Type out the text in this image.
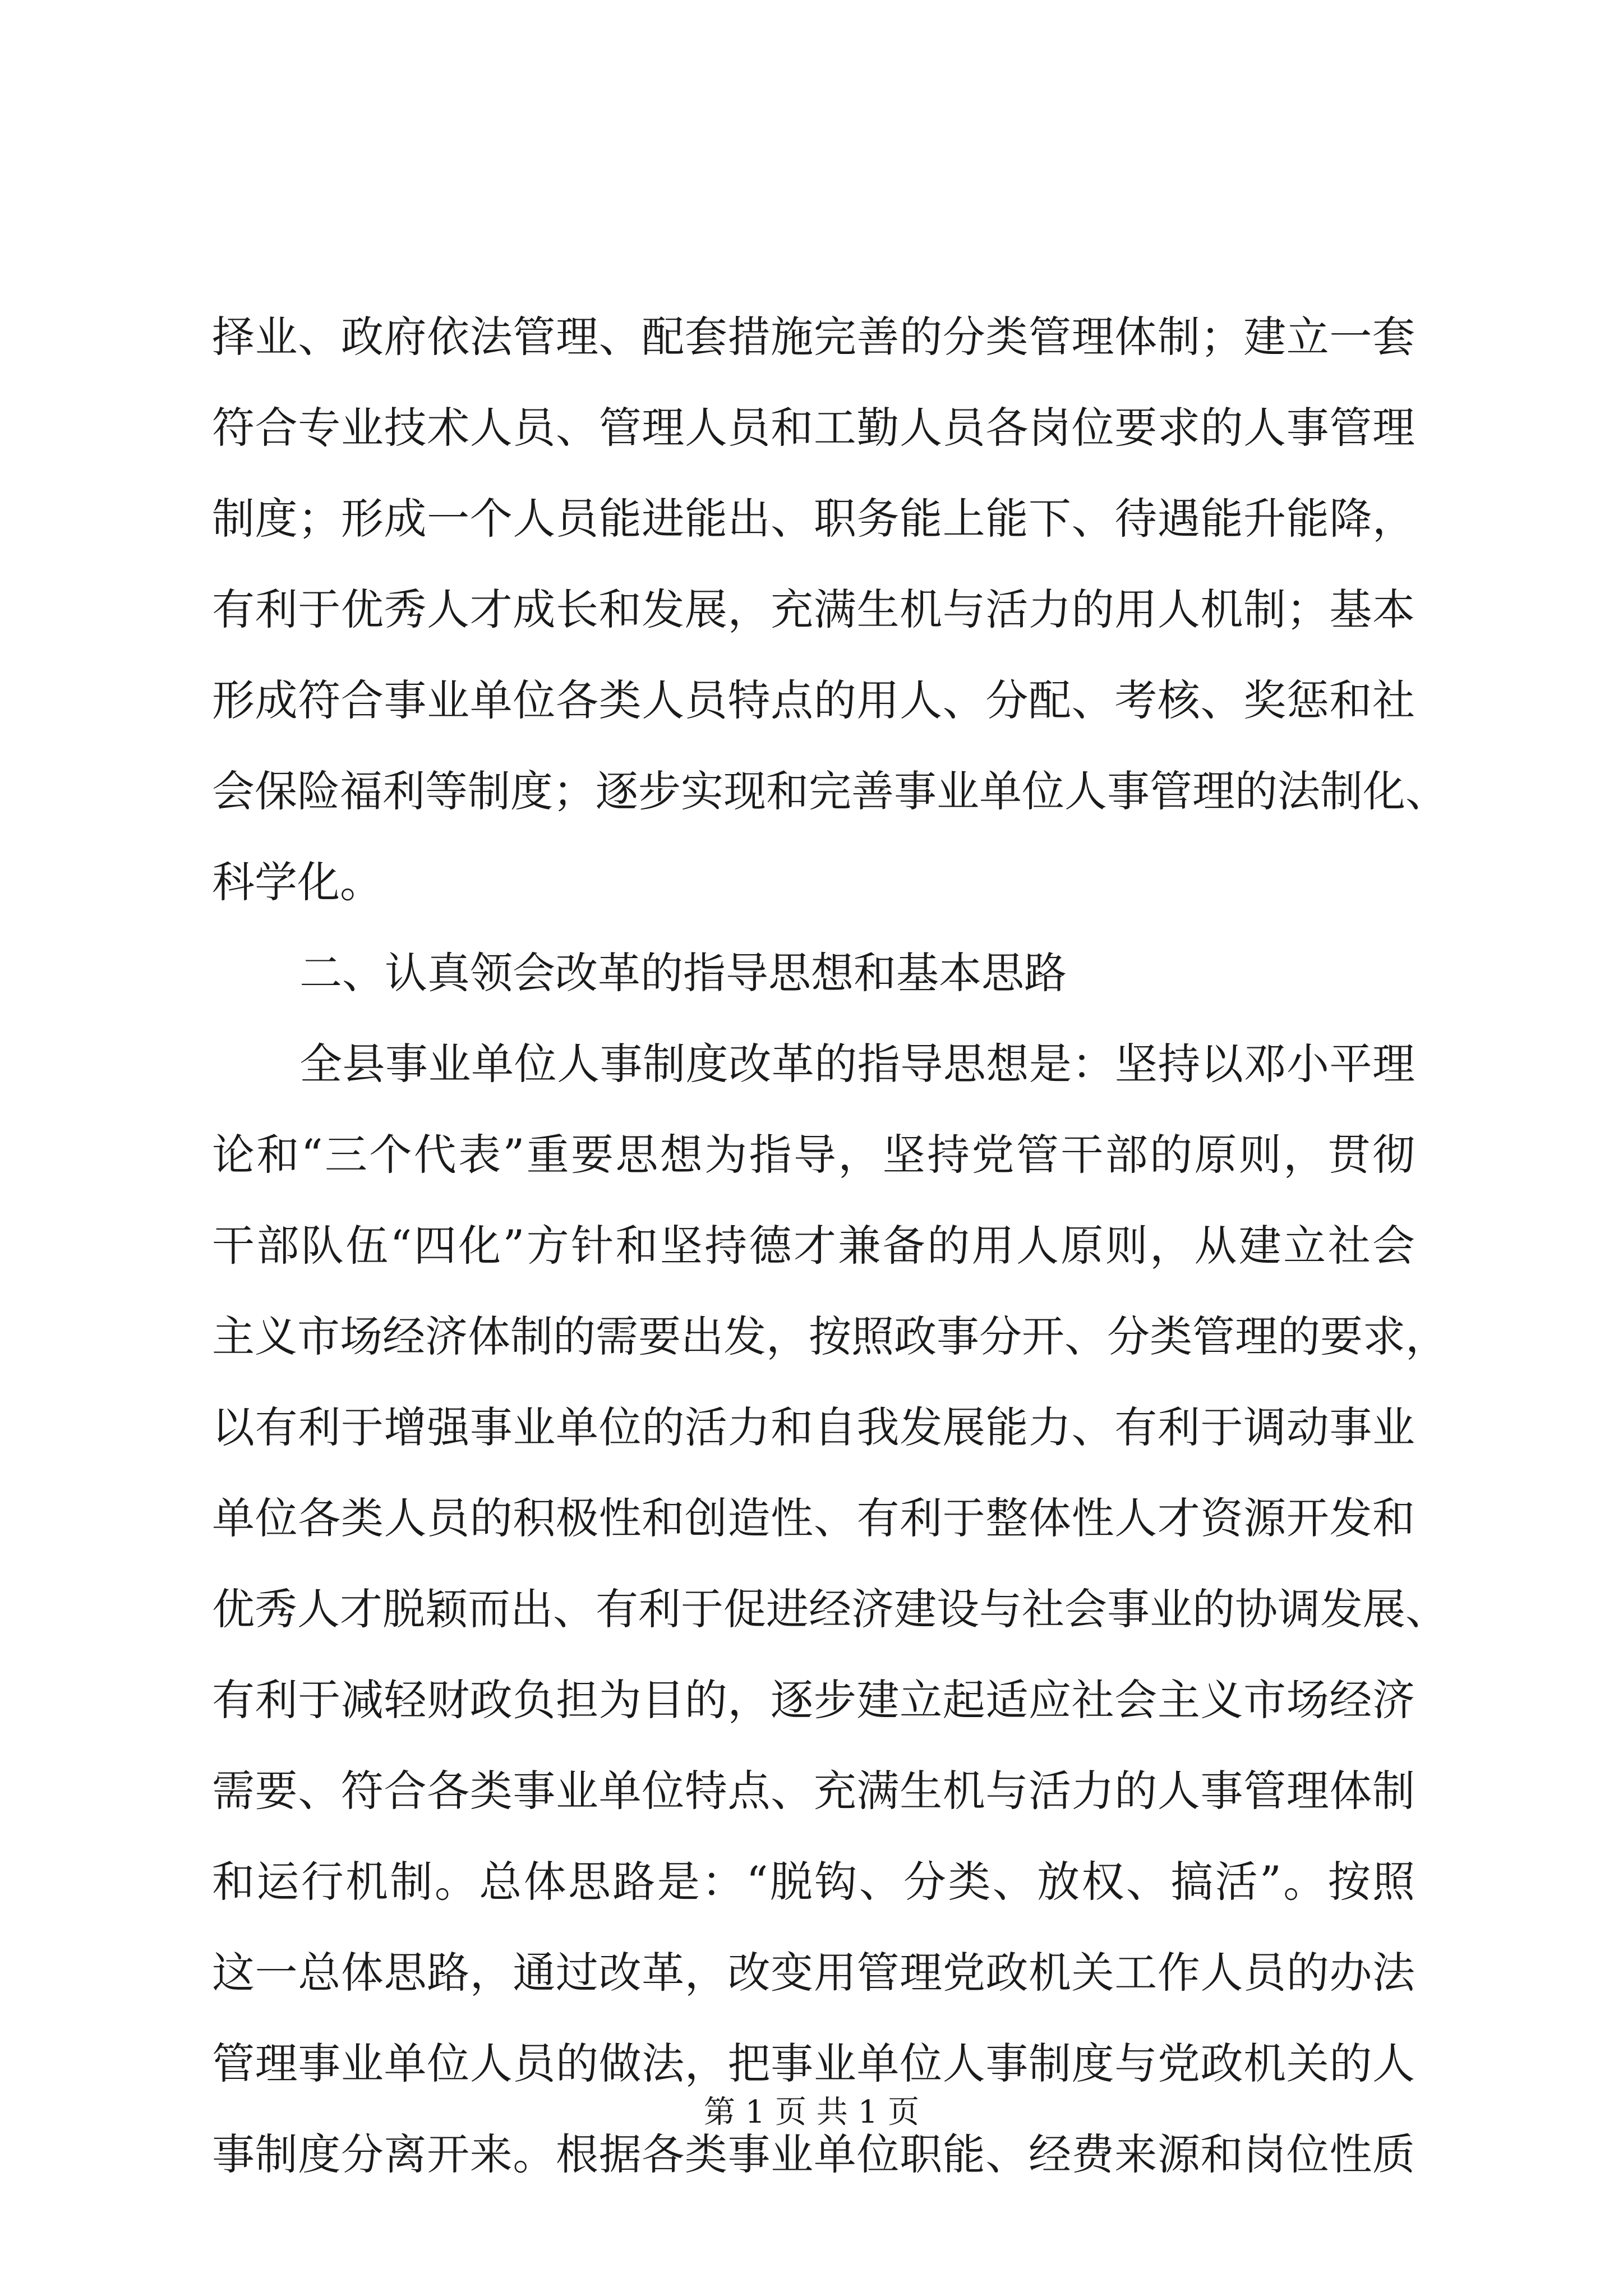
择业、政府依法管理、配套措施完善的分类管理体制；建立一套
符合专业技术人员、管理人员和工勤人员各岗位要求的人事管理
制度；形成一个人员能进能出、职务能上能下、待遇能升能降，
有利于优秀人才成长和发展，充满生机与活力的用人机制；基本
形成符合事业单位各类人员特点的用人、分配、考核、奖惩和社
会保险福利等制度；逐步实现和完善事业单位人事管理的法制化、
科学化。
二、认真领会改革的指导思想和基本思路
全县事业单位人事制度改革的指导思想是：坚持以邓小平理
论和“三个代表”重要思想为指导，坚持党管干部的原则，贯彻
干部队伍“四化”方针和坚持德才兼备的用人原则，从建立社会
主义市场经济体制的需要出发，按照政事分开、分类管理的要求，
以有利于增强事业单位的活力和自我发展能力、有利于调动事业
单位各类人员的积极性和创造性、有利于整体性人才资源开发和
优秀人才脱颖而出、有利于促进经济建设与社会事业的协调发展、
有利于减轻财政负担为目的，逐步建立起适应社会主义市场经济
需要、符合各类事业单位特点、充满生机与活力的人事管理体制
和运行机制。总体思路是：“脱钩、分类、放权、搞活”。按照
这一总体思路，通过改革，改变用管理党政机关工作人员的办法
管理事业单位人员的做法，把事业单位人事制度与党政机关的人
事制度分离开来。根据各类事业单位职能、经费来源和岗位性质
第 1 页 共 1 页
